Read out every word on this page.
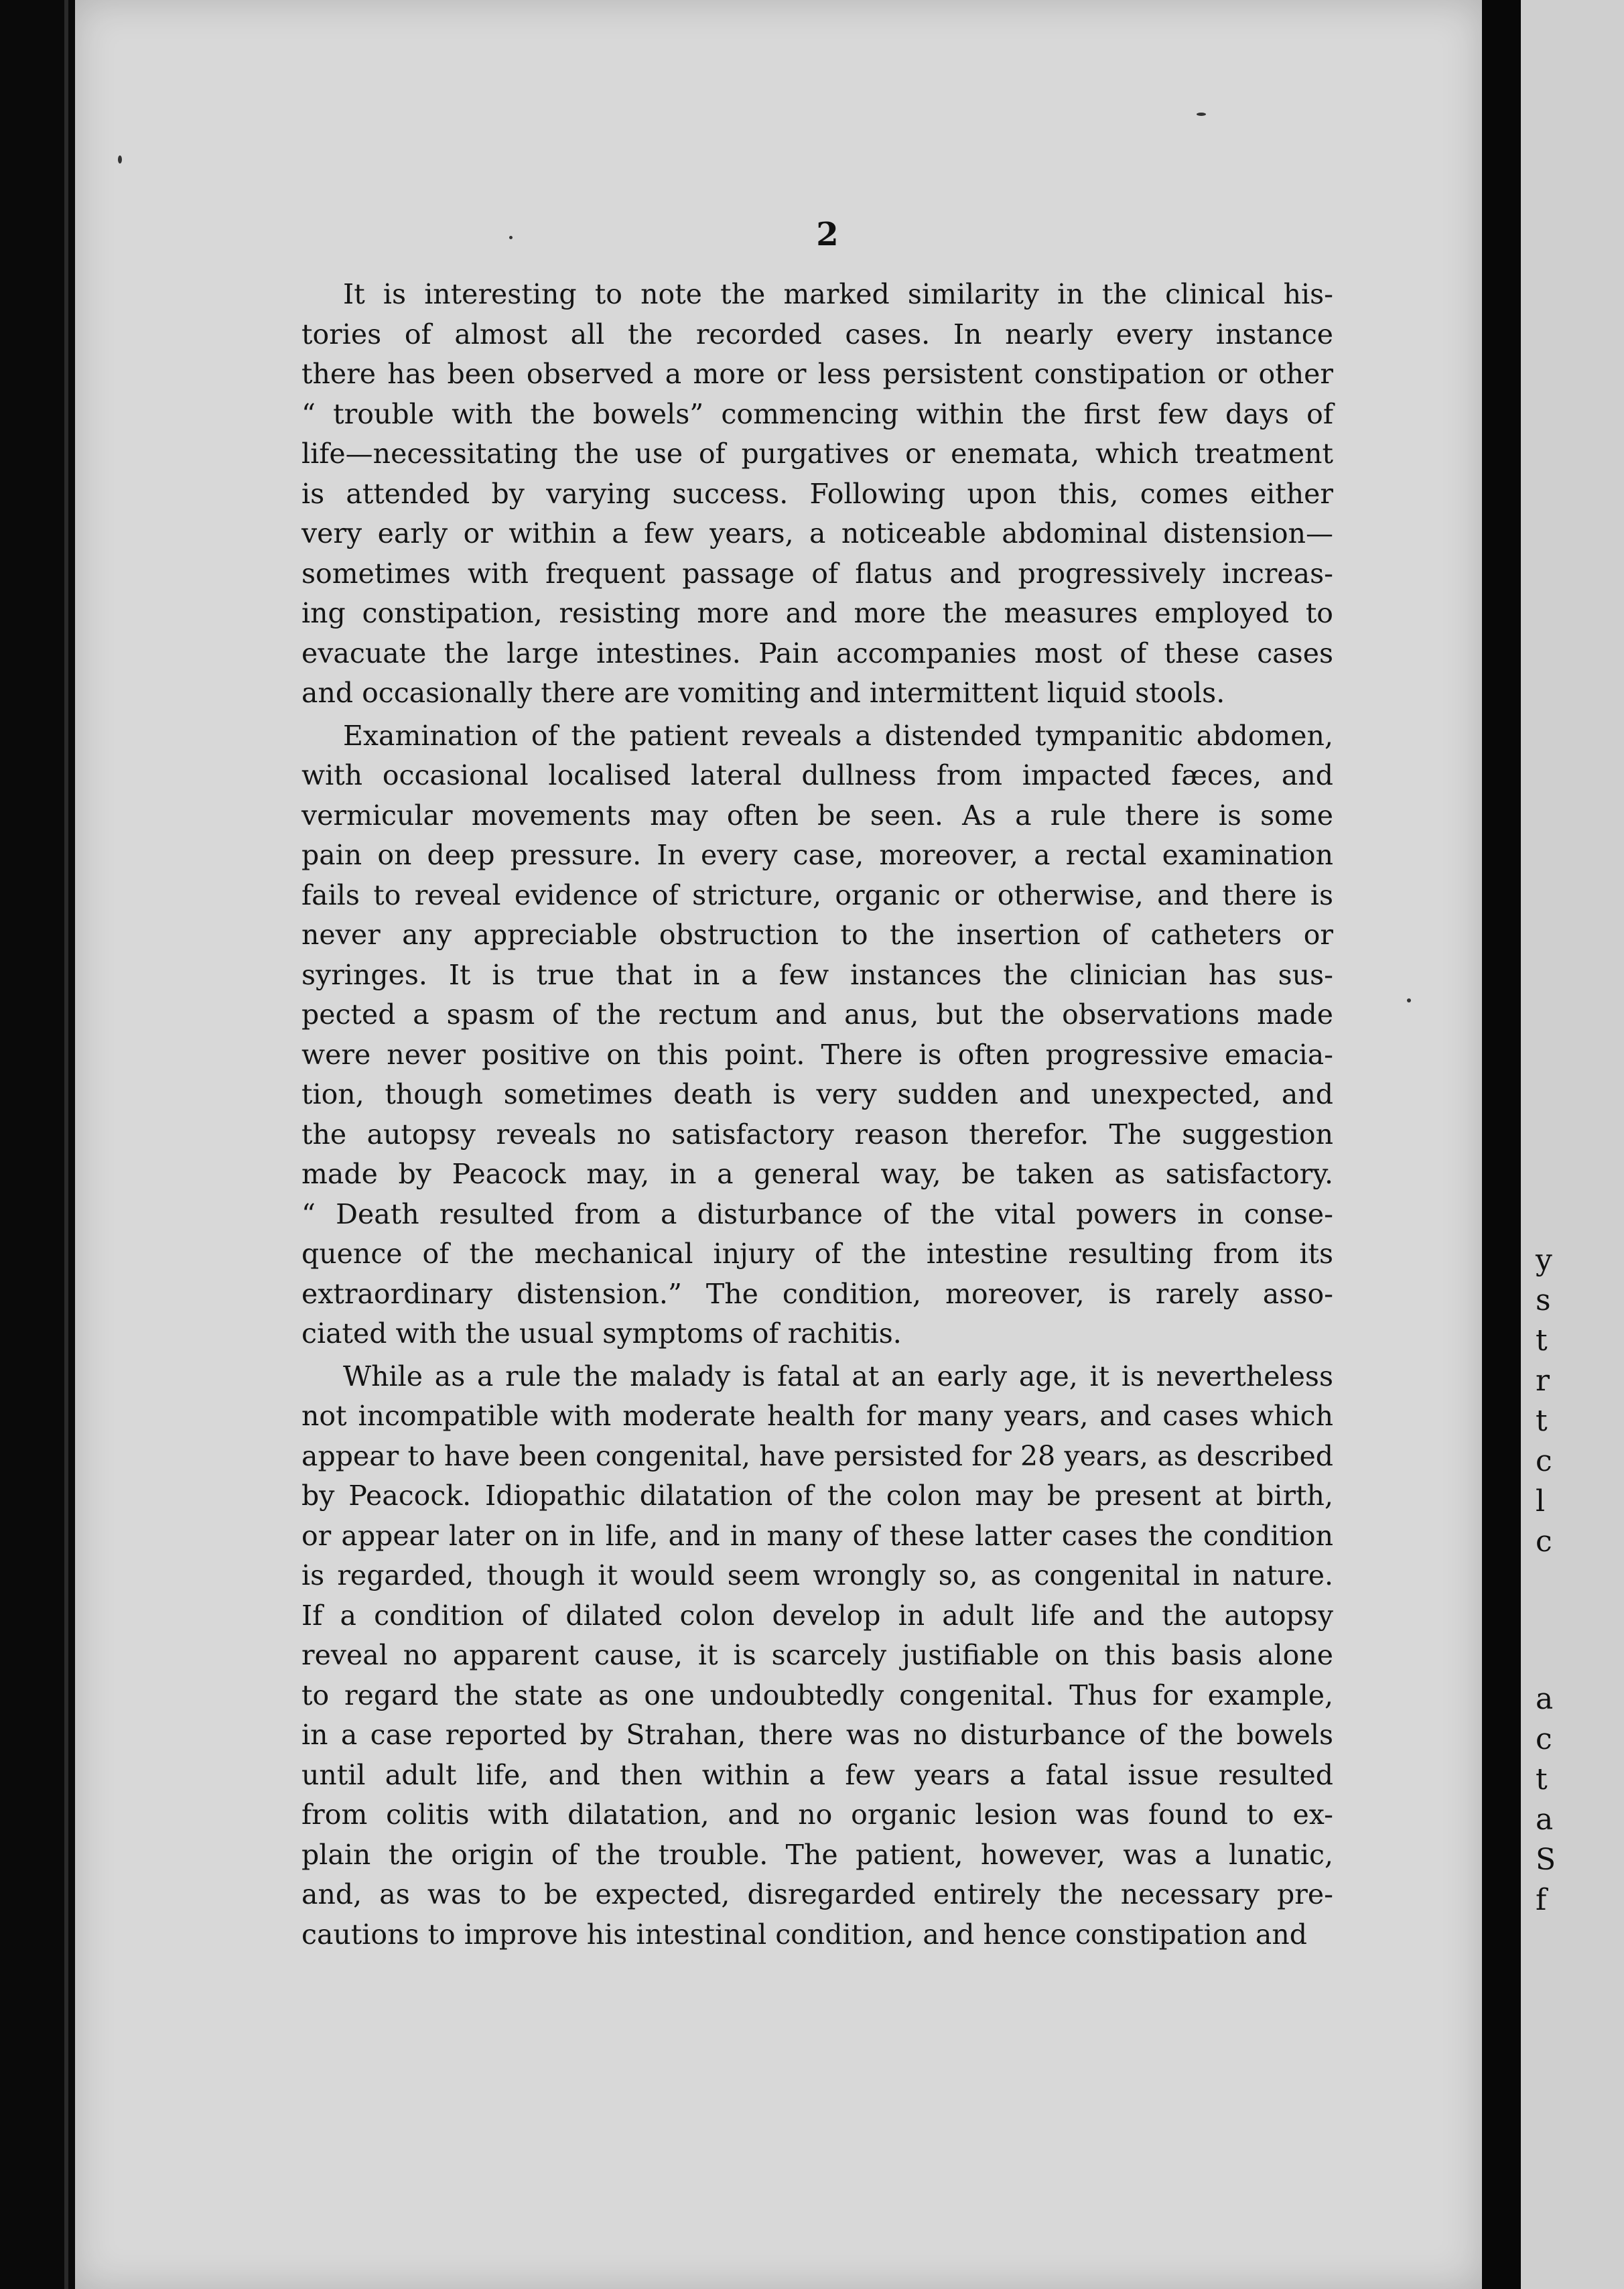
y
s
t
r
t
c
l
c
a
c
t
a
S
f
2
It is interesting to note the marked similarity in the clinical his-
tories of almost all the recorded cases. In nearly every instance
there has been observed a more or less persistent constipation or other
“ trouble with the bowels” commencing within the first few days of
life—necessitating the use of purgatives or enemata, which treatment
is attended by varying success. Following upon this, comes either
very early or within a few years, a noticeable abdominal distension—
sometimes with frequent passage of flatus and progressively increas-
ing constipation, resisting more and more the measures employed to
evacuate the large intestines. Pain accompanies most of these cases
and occasionally there are vomiting and intermittent liquid stools.
Examination of the patient reveals a distended tympanitic abdomen,
with occasional localised lateral dullness from impacted fæces, and
vermicular movements may often be seen. As a rule there is some
pain on deep pressure. In every case, moreover, a rectal examination
fails to reveal evidence of stricture, organic or otherwise, and there is
never any appreciable obstruction to the insertion of catheters or
syringes. It is true that in a few instances the clinician has sus-
pected a spasm of the rectum and anus, but the observations made
were never positive on this point. There is often progressive emacia-
tion, though sometimes death is very sudden and unexpected, and
the autopsy reveals no satisfactory reason therefor. The suggestion
made by Peacock may, in a general way, be taken as satisfactory.
“ Death resulted from a disturbance of the vital powers in conse-
quence of the mechanical injury of the intestine resulting from its
extraordinary distension.” The condition, moreover, is rarely asso-
ciated with the usual symptoms of rachitis.
While as a rule the malady is fatal at an early age, it is nevertheless
not incompatible with moderate health for many years, and cases which
appear to have been congenital, have persisted for 28 years, as described
by Peacock. Idiopathic dilatation of the colon may be present at birth,
or appear later on in life, and in many of these latter cases the condition
is regarded, though it would seem wrongly so, as congenital in nature.
If a condition of dilated colon develop in adult life and the autopsy
reveal no apparent cause, it is scarcely justifiable on this basis alone
to regard the state as one undoubtedly congenital. Thus for example,
in a case reported by Strahan, there was no disturbance of the bowels
until adult life, and then within a few years a fatal issue resulted
from colitis with dilatation, and no organic lesion was found to ex-
plain the origin of the trouble. The patient, however, was a lunatic,
and, as was to be expected, disregarded entirely the necessary pre-
cautions to improve his intestinal condition, and hence constipation and
